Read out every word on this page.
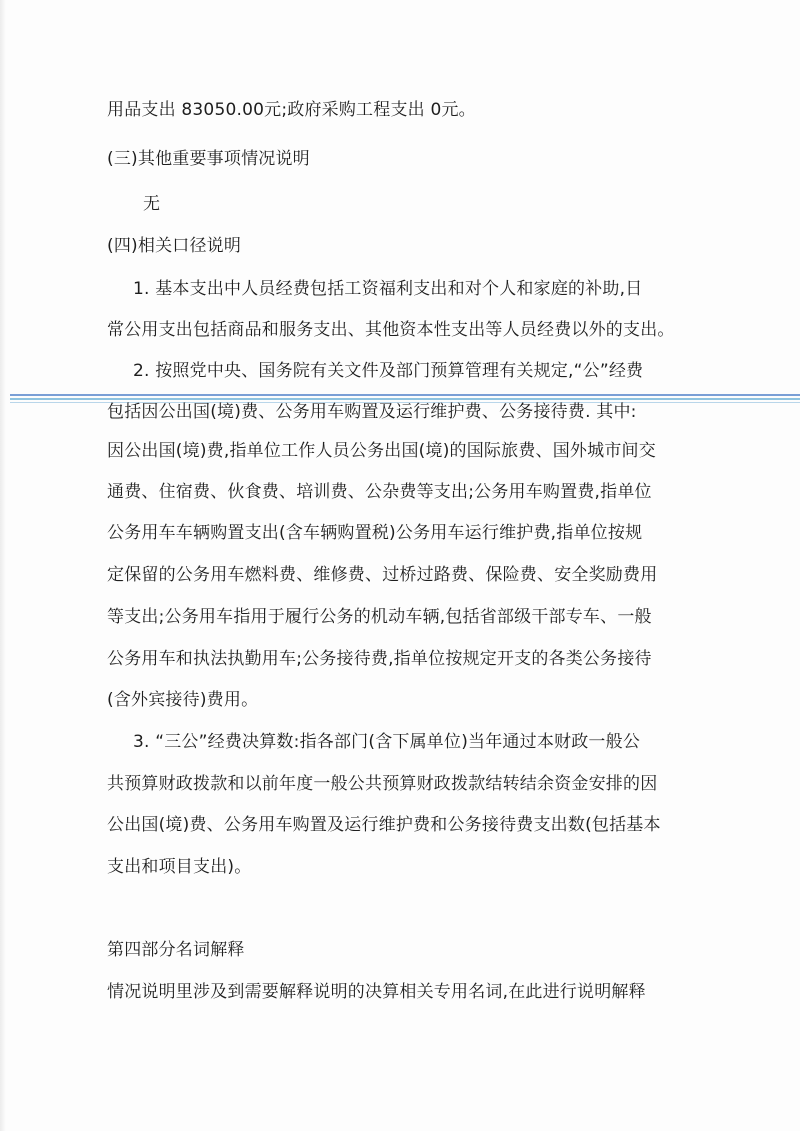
用品支出 83050.00元;政府采购工程支出 0元。
(三)其他重要事项情况说明
无
(四)相关口径说明
1. 基本支出中人员经费包括工资福利支出和对个人和家庭的补助,日
常公用支出包括商品和服务支出、其他资本性支出等人员经费以外的支出。
2. 按照党中央、国务院有关文件及部门预算管理有关规定,“公”经费
包括因公出国(境)费、公务用车购置及运行维护费、公务接待费. 其中:
因公出国(境)费,指单位工作人员公务出国(境)的国际旅费、国外城市间交
通费、住宿费、伙食费、培训费、公杂费等支出;公务用车购置费,指单位
公务用车车辆购置支出(含车辆购置税)公务用车运行维护费,指单位按规
定保留的公务用车燃料费、维修费、过桥过路费、保险费、安全奖励费用
等支出;公务用车指用于履行公务的机动车辆,包括省部级干部专车、一般
公务用车和执法执勤用车;公务接待费,指单位按规定开支的各类公务接待
(含外宾接待)费用。
3. “三公”经费决算数:指各部门(含下属单位)当年通过本财政一般公
共预算财政拨款和以前年度一般公共预算财政拨款结转结余资金安排的因
公出国(境)费、公务用车购置及运行维护费和公务接待费支出数(包括基本
支出和项目支出)。
第四部分名词解释
情况说明里涉及到需要解释说明的决算相关专用名词,在此进行说明解释
